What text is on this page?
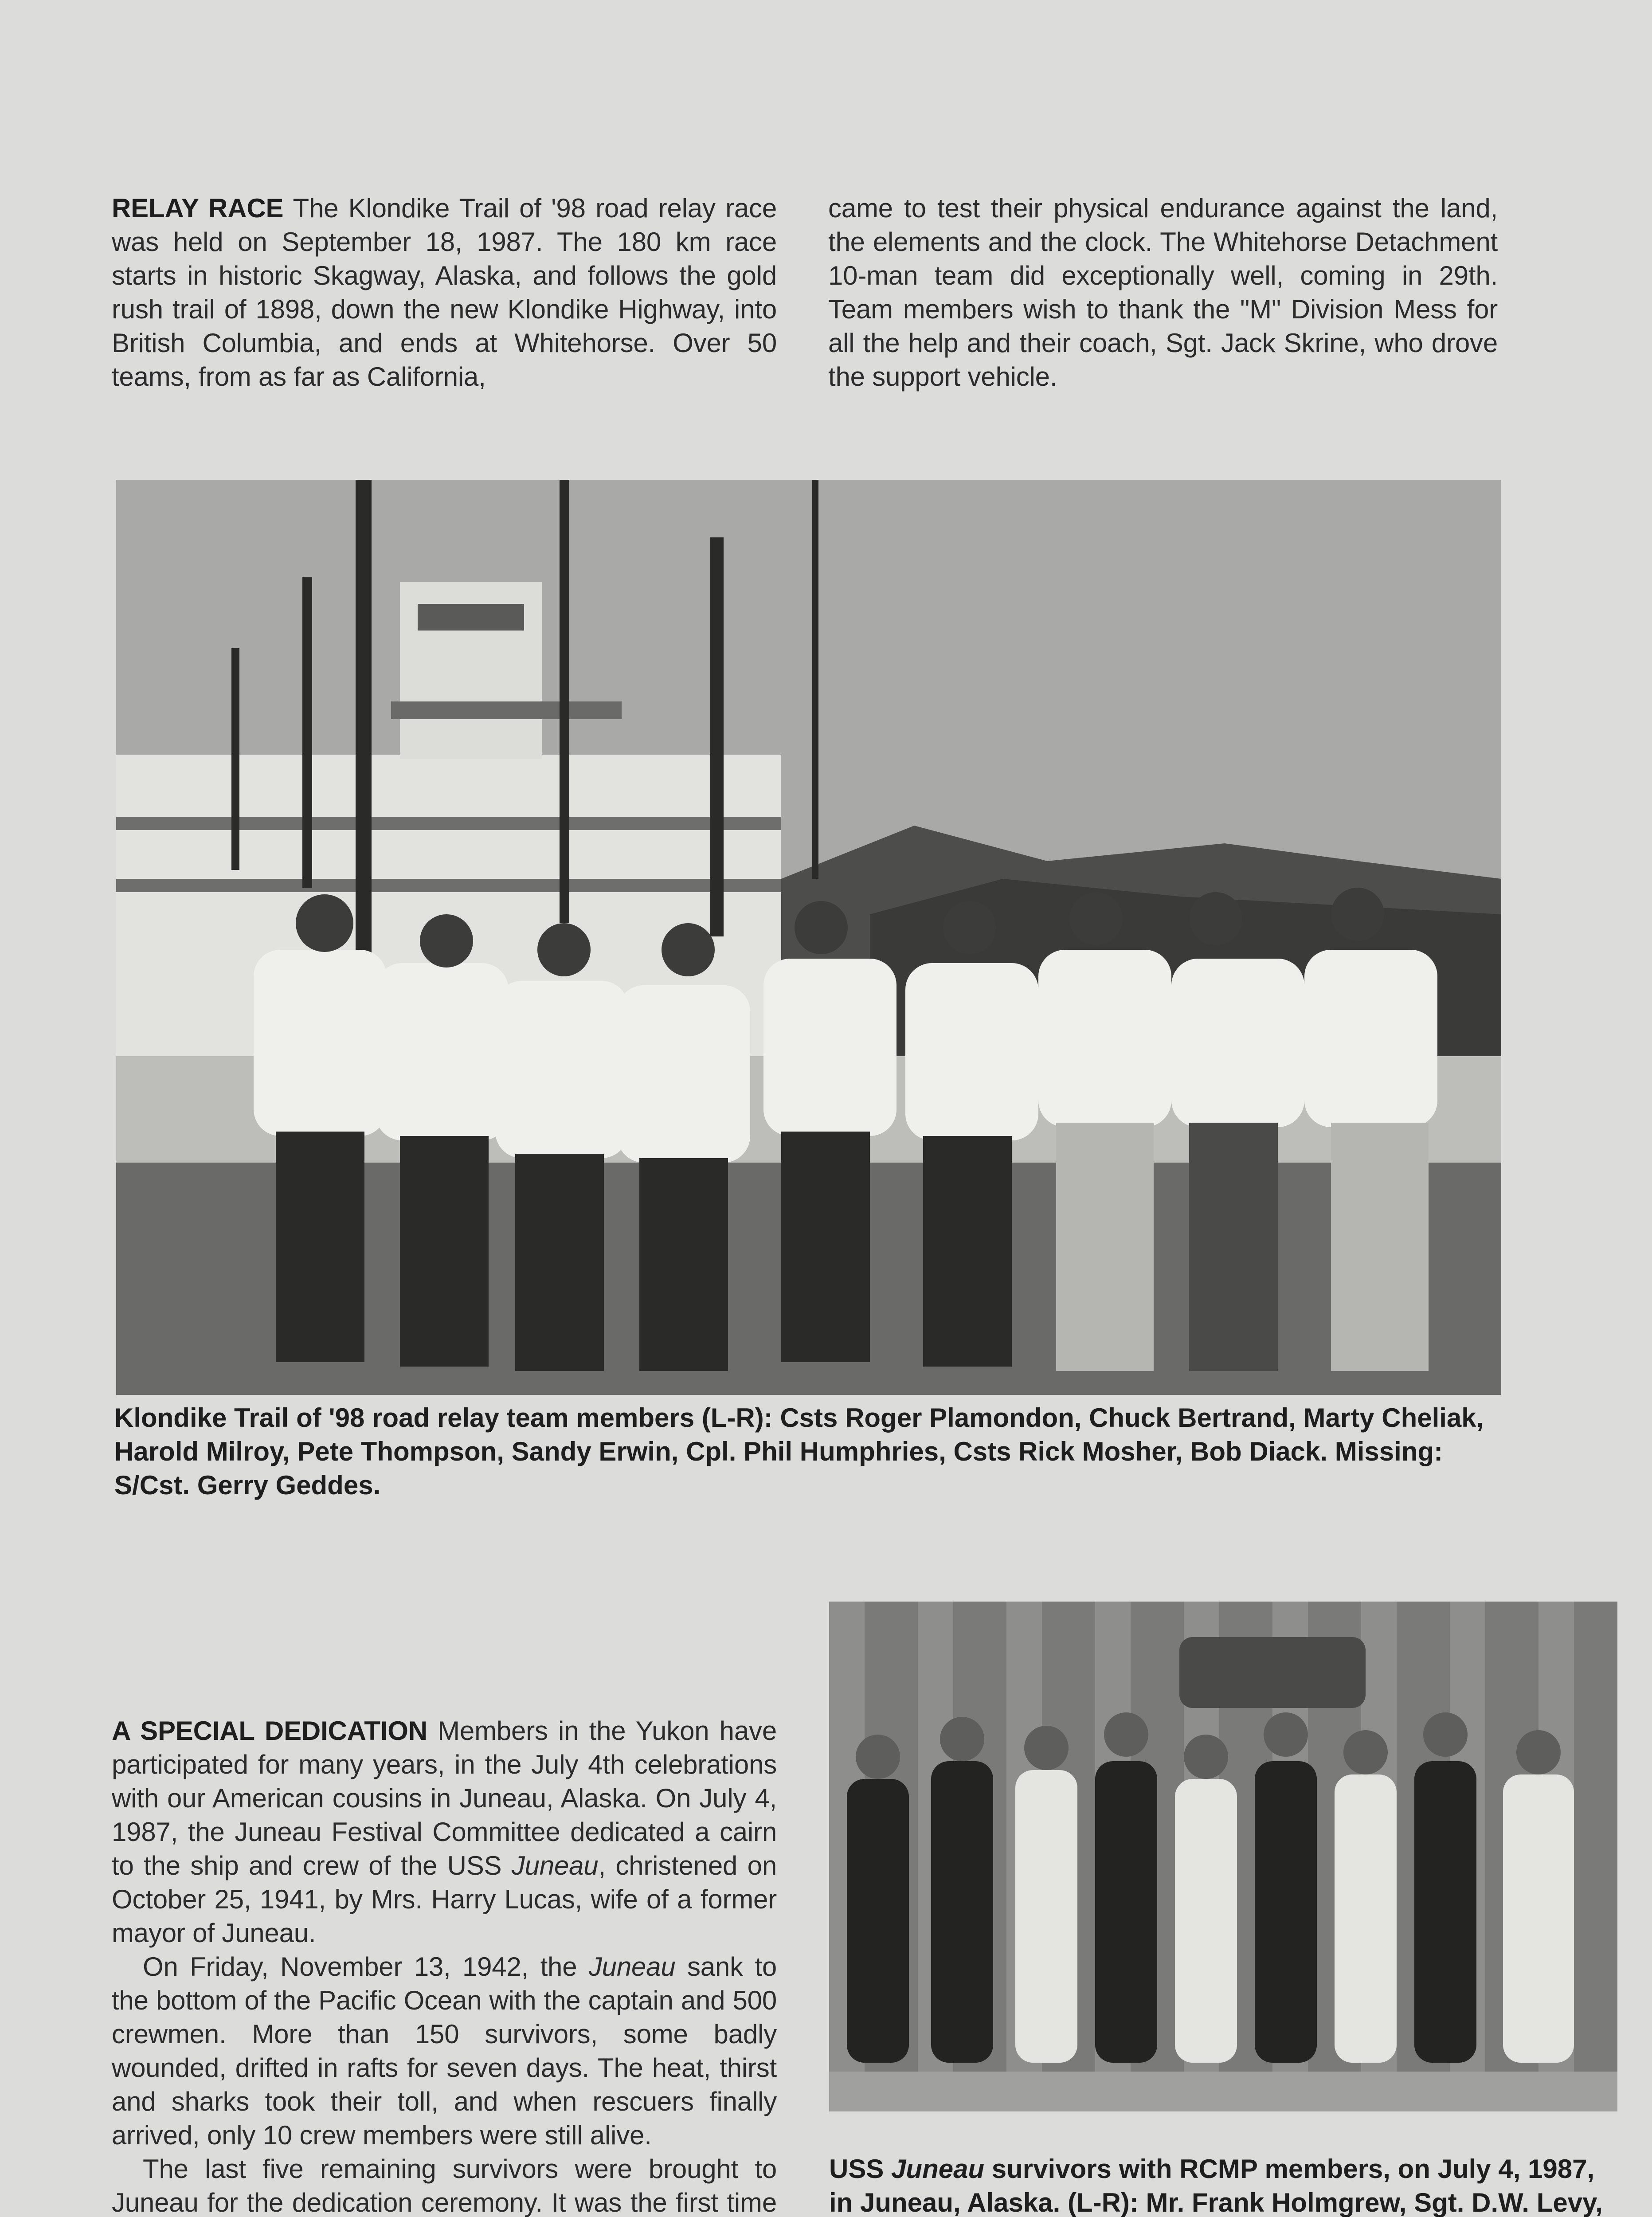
RELAY RACE The Klondike Trail of '98 road relay race was held on September 18, 1987. The 180 km race starts in historic Skagway, Alaska, and follows the gold rush trail of 1898, down the new Klondike Highway, into British Columbia, and ends at Whitehorse. Over 50 teams, from as far as California,

came to test their physical endurance against the land, the elements and the clock. The Whitehorse Detachment 10-man team did exceptionally well, coming in 29th. Team members wish to thank the "M" Division Mess for all the help and their coach, Sgt. Jack Skrine, who drove the support vehicle.

Klondike Trail of '98 road relay team members (L-R): Csts Roger Plamondon, Chuck Bertrand, Marty Cheliak, Harold Milroy, Pete Thompson, Sandy Erwin, Cpl. Phil Humphries, Csts Rick Mosher, Bob Diack. Missing: S/Cst. Gerry Geddes.

A SPECIAL DEDICATION Members in the Yukon have participated for many years, in the July 4th celebrations with our American cousins in Juneau, Alaska. On July 4, 1987, the Juneau Festival Committee dedicated a cairn to the ship and crew of the USS Juneau, christened on October 25, 1941, by Mrs. Harry Lucas, wife of a former mayor of Juneau.

On Friday, November 13, 1942, the Juneau sank to the bottom of the Pacific Ocean with the captain and 500 crewmen. More than 150 survivors, some badly wounded, drifted in rafts for seven days. The heat, thirst and sharks took their toll, and when rescuers finally arrived, only 10 crew members were still alive.

The last five remaining survivors were brought to Juneau for the dedication ceremony. It was the first time

USS Juneau survivors with RCMP members, on July 4, 1987, in Juneau, Alaska. (L-R): Mr. Frank Holmgrew, Sgt. D.W. Levy,
